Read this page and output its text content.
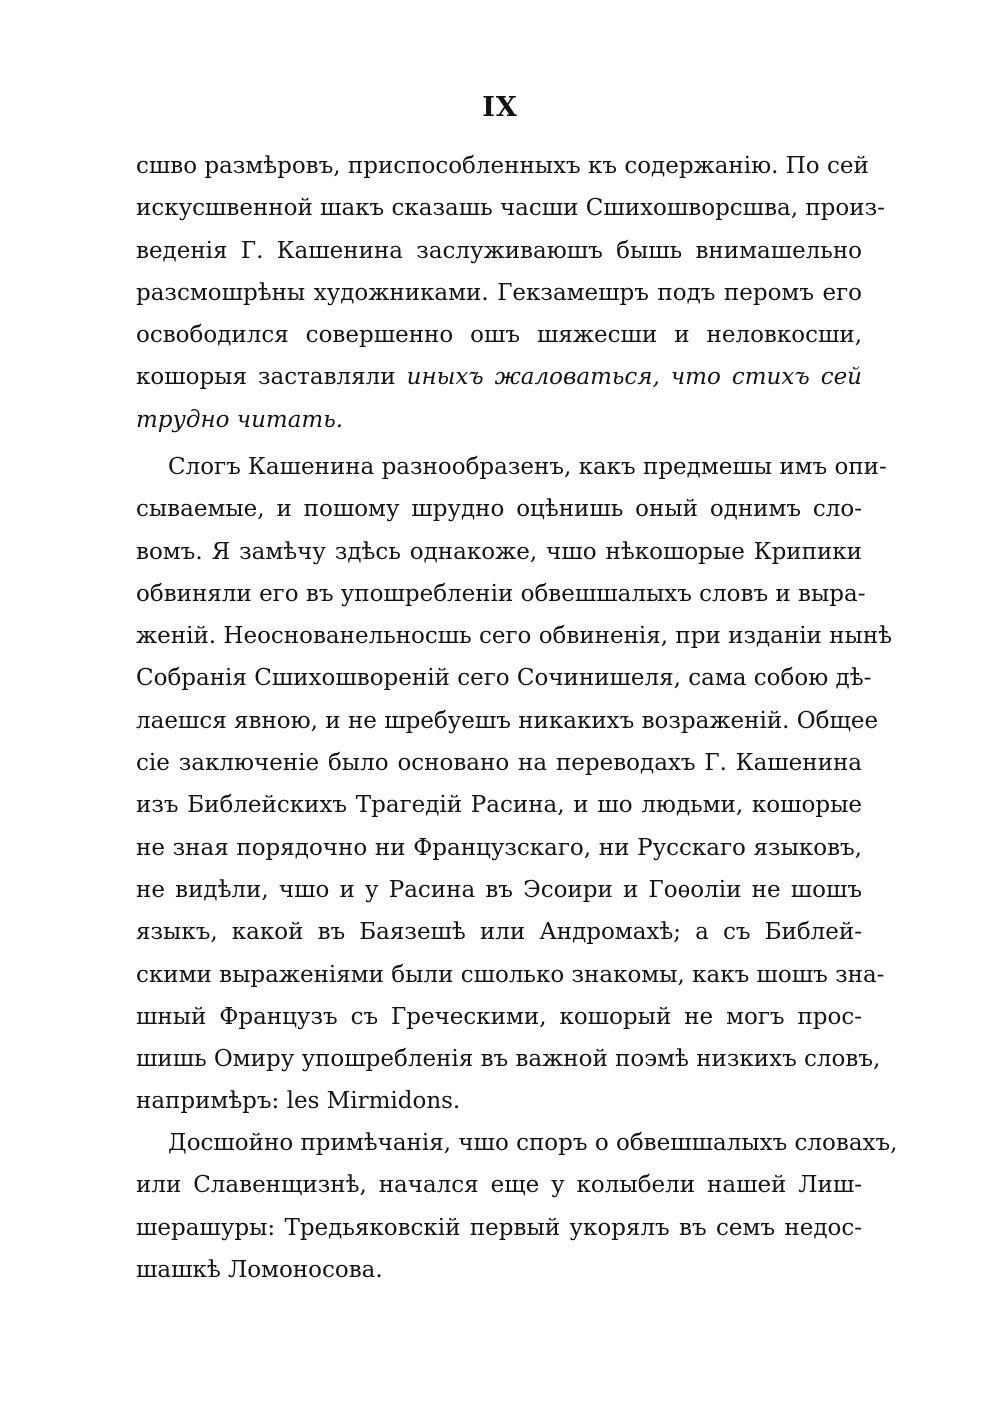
IX
сшво размѣровъ, приспособленныхъ къ содержанію. По сей
искусшвенной шакъ сказашь часши Сшихошворсшва, произ-
веденія Г. Кашенина заслуживаюшъ бышь внимашельно
разсмошрѣны художниками. Гекзамешръ подъ перомъ его
освободился совершенно ошъ шяжесши и неловкосши,
кошорыя заставляли иныхъ жаловаться, что стихъ сей
трудно читать.
Слогъ Кашенина разнообразенъ, какъ предмешы имъ опи-
сываемые, и пошому шрудно оцѣнишь оный однимъ сло-
вомъ. Я замѣчу здѣсь однакоже, чшо нѣкошорые Крипики
обвиняли его въ упошребленіи обвешшалыхъ словъ и выра-
женій. Неоснованельносшь сего обвиненія, при изданіи нынѣ
Собранія Сшихошвореній сего Сочинишеля, сама собою дѣ-
лаешся явною, и не шребуешъ никакихъ возраженій. Общее
сіе заключеніе было основано на переводахъ Г. Кашенина
изъ Библейскихъ Трагедій Расина, и шо людьми, кошорые
не зная порядочно ни Французскаго, ни Русскаго языковъ,
не видѣли, чшо и у Расина въ Эсоири и Гоѳоліи не шошъ
языкъ, какой въ Баязешѣ или Андромахѣ; а съ Библей-
скими выраженіями были сшолько знакомы, какъ шошъ зна-
шный Французъ съ Греческими, кошорый не могъ прос-
шишь Омиру упошребленія въ важной поэмѣ низкихъ словъ,
напримѣръ: les Mirmidons.
Досшойно примѣчанія, чшо споръ о обвешшалыхъ словахъ,
или Славенщизнѣ, начался еще у колыбели нашей Лиш-
шерашуры: Тредьяковскій первый укорялъ въ семъ недос-
шашкѣ Ломоносова.
